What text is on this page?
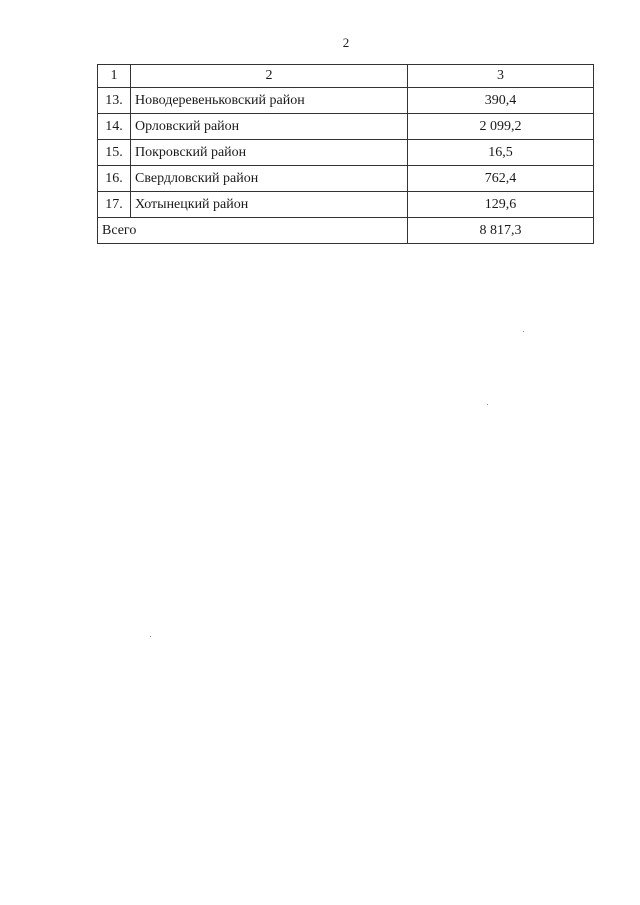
2
1	2	3
13.	Новодеревеньковский район	390,4
14.	Орловский район	2 099,2
15.	Покровский район	16,5
16.	Свердловский район	762,4
17.	Хотынецкий район	129,6
Всего		8 817,3
